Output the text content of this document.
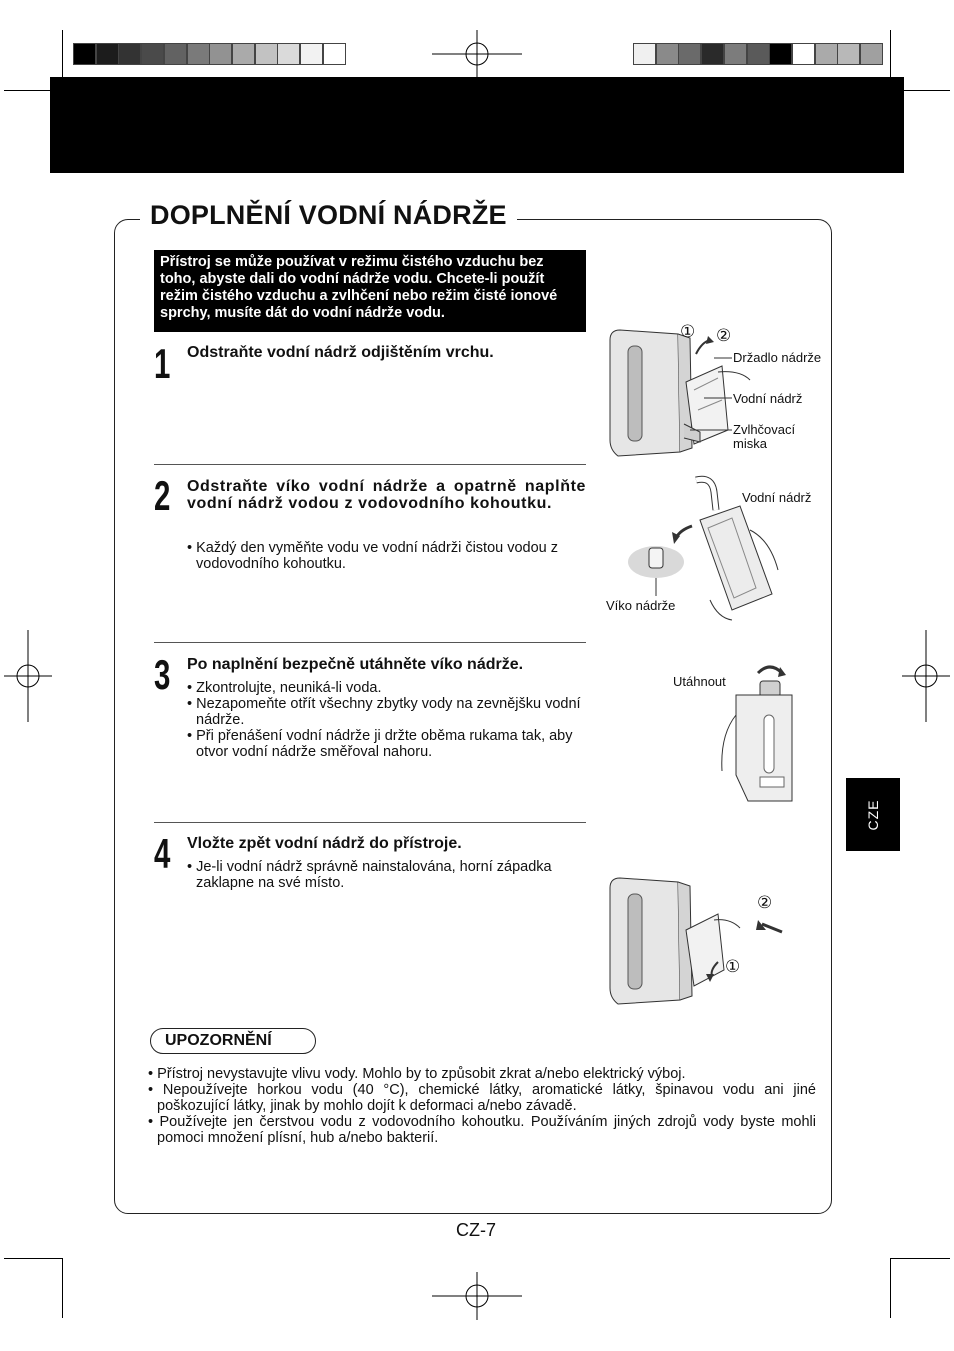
DOPLNĚNÍ VODNÍ NÁDRŽE
Přístroj se může používat v režimu čistého vzduchu bez toho, abyste dali do vodní nádrže vodu. Chcete-li použít režim čistého vzduchu a zvlhčení nebo režim čisté ionové sprchy, musíte dát do vodní nádrže vodu.
1 Odstraňte vodní nádrž odjištěním vrchu.
2 Odstraňte víko vodní nádrže a opatrně naplňte vodní nádrž vodou z vodovodního kohoutku.
• Každý den vyměňte vodu ve vodní nádrži čistou vodou z vodovodního kohoutku.
3 Po naplnění bezpečně utáhněte víko nádrže.
• Zkontrolujte, neuniká-li voda.
• Nezapomeňte otřít všechny zbytky vody na zevnějšku vodní nádrže.
• Při přenášení vodní nádrže ji držte oběma rukama tak, aby otvor vodní nádrže směřoval nahoru.
4 Vložte zpět vodní nádrž do přístroje.
• Je-li vodní nádrž správně nainstalována, horní západka zaklapne na své místo.
① ②
Držadlo nádrže
Vodní nádrž
Zvlhčovací miska
Vodní nádrž
Víko nádrže
Utáhnout
②
①
CZE
UPOZORNĚNÍ
• Přístroj nevystavujte vlivu vody. Mohlo by to způsobit zkrat a/nebo elektrický výboj.
• Nepoužívejte horkou vodu (40 °C), chemické látky, aromatické látky, špinavou vodu ani jiné poškozující látky, jinak by mohlo dojít k deformaci a/nebo závadě.
• Používejte jen čerstvou vodu z vodovodního kohoutku. Používáním jiných zdrojů vody byste mohli pomoci množení plísní, hub a/nebo bakterií.
CZ-7
